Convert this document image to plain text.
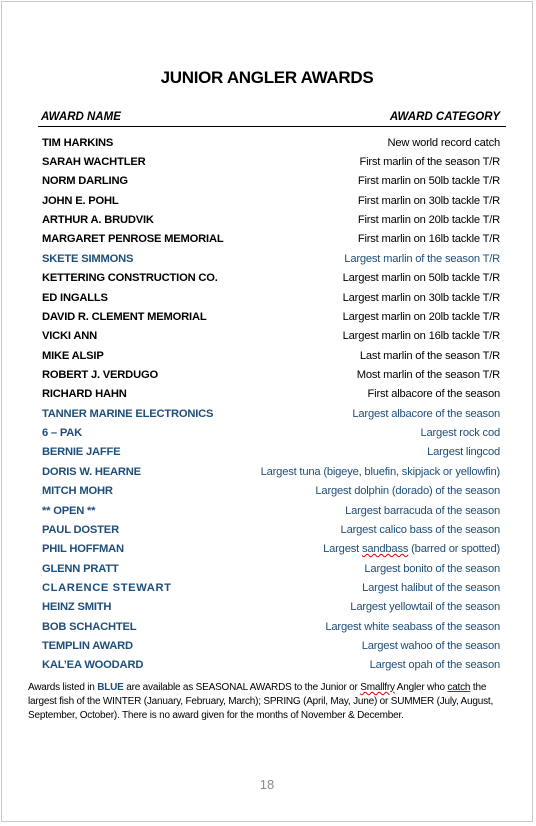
JUNIOR ANGLER AWARDS
AWARD NAME	AWARD CATEGORY
TIM HARKINS	New world record catch
SARAH WACHTLER	First marlin of the season T/R
NORM DARLING	First marlin on 50lb tackle T/R
JOHN E. POHL	First marlin on 30lb tackle T/R
ARTHUR A. BRUDVIK	First marlin on 20lb tackle T/R
MARGARET PENROSE MEMORIAL	First marlin on 16lb tackle T/R
SKETE SIMMONS	Largest marlin of the season T/R
KETTERING CONSTRUCTION CO.	Largest marlin on 50lb tackle T/R
ED INGALLS	Largest marlin on 30lb tackle T/R
DAVID R. CLEMENT MEMORIAL	Largest marlin on 20lb tackle T/R
VICKI ANN	Largest marlin on 16lb tackle T/R
MIKE ALSIP	Last marlin of the season T/R
ROBERT J. VERDUGO	Most marlin of the season T/R
RICHARD HAHN	First albacore of the season
TANNER MARINE ELECTRONICS	Largest albacore of the season
6 – PAK	Largest rock cod
BERNIE JAFFE	Largest lingcod
DORIS W. HEARNE	Largest tuna (bigeye, bluefin, skipjack or yellowfin)
MITCH MOHR	Largest dolphin (dorado) of the season
** OPEN **	Largest barracuda of the season
PAUL DOSTER	Largest calico bass of the season
PHIL HOFFMAN	Largest sandbass (barred or spotted)
GLENN PRATT	Largest bonito of the season
CLARENCE STEWART	Largest halibut of the season
HEINZ SMITH	Largest yellowtail of the season
BOB SCHACHTEL	Largest white seabass of the season
TEMPLIN AWARD	Largest wahoo of the season
KAL’EA WOODARD	Largest opah of the season
Awards listed in BLUE are available as SEASONAL AWARDS to the Junior or Smallfry Angler who catch the largest fish of the WINTER (January, February, March); SPRING (April, May, June) or SUMMER (July, August, September, October). There is no award given for the months of November & December.
18
